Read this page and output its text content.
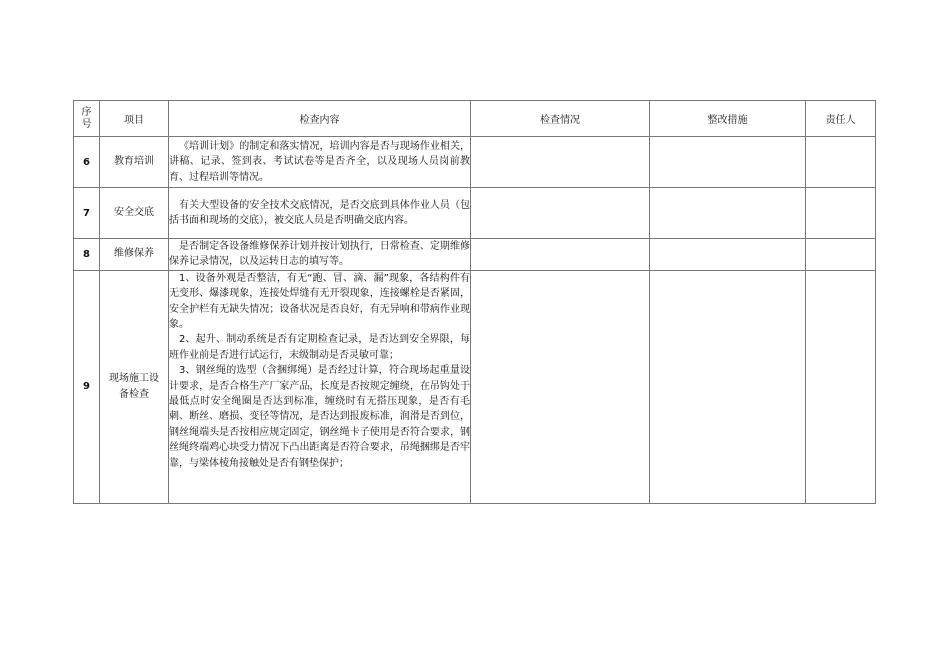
序号	项目	检查内容	检查情况	整改措施	责任人
6	教育培训	《培训计划》的制定和落实情况，培训内容是否与现场作业相关，讲稿、记录、签到表、考试试卷等是否齐全，以及现场人员岗前教育、过程培训等情况。			

7	安全交底	有关大型设备的安全技术交底情况，是否交底到具体作业人员（包括书面和现场的交底），被交底人员是否明确交底内容。			

8	维修保养	是否制定各设备维修保养计划并按计划执行，日常检查、定期维修保养记录情况，以及运转日志的填写等。			

9	现场施工设备检查	1、设备外观是否整洁，有无“跑、冒、滴、漏”现象，各结构件有无变形、爆漆现象，连接处焊缝有无开裂现象，连接螺栓是否紧固，安全护栏有无缺失情况；设备状况是否良好，有无异响和带病作业现象。

2、起升、制动系统是否有定期检查记录，是否达到安全界限，每班作业前是否进行试运行，末级制动是否灵敏可靠；

3、钢丝绳的选型（含捆绑绳）是否经过计算，符合现场起重量设计要求，是否合格生产厂家产品，长度是否按规定缠绕，在吊钩处于最低点时安全绳圈是否达到标准，缠绕时有无搭压现象，是否有毛刺、断丝、磨损、变径等情况，是否达到报废标准，润滑是否到位，钢丝绳端头是否按相应规定固定，钢丝绳卡子使用是否符合要求，钢丝绳终端鸡心块受力情况下凸出距离是否符合要求，吊绳捆绑是否牢靠，与梁体棱角接触处是否有钢垫保护；			
